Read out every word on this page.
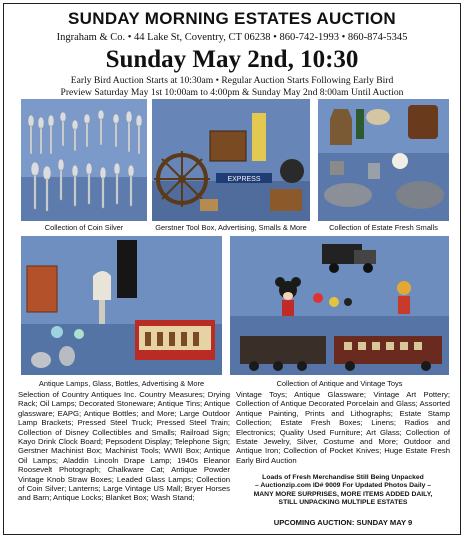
SUNDAY MORNING ESTATES AUCTION
Ingraham & Co. • 44 Lake St, Coventry, CT 06238 • 860-742-1993 • 860-874-5345
Sunday May 2nd, 10:30
Early Bird Auction Starts at 10:30am • Regular Auction Starts Following Early Bird
Preview Saturday May 1st 10:00am to 4:00pm & Sunday May 2nd 8:00am Until Auction
Collection of Coin Silver
EXPRESS
Gerstner Tool Box, Advertising, Smalls & More	Collection of Estate Fresh Smalls
Antique Lamps, Glass, Bottles, Advertising & More	Collection of Antique and Vintage Toys
Selection of Country Antiques Inc. Country Measures; Drying Rack; Oil Lamps; Decorated Stoneware; Antique Tins; Antique glassware; EAPG; Antique Bottles; and More; Large Outdoor Lamp Brackets; Pressed Steel Truck; Pressed Steel Train; Collection of Disney Collectibles and Smalls; Railroad Sign; Kayo Drink Clock Board; Pepsodent Display; Telephone Sign; Gerstner Machinist Box; Machinist Tools; WWII Box; Antique Oil Lamps; Aladdin Lincoln Drape Lamp; 1940s Eleanor Roosevelt Photograph; Chalkware Cat; Antique Powder Vintage Knob Straw Boxes; Leaded Glass Lamps; Collection of Coin Silver; Lanterns; Large Vintage US Mall; Bryer Horses and Barn; Antique Locks; Blanket Box; Wash Stand;
Vintage Toys; Antique Glassware; Vintage Art Pottery; Collection of Antique Decorated Porcelain and Glass; Assorted Antique Painting, Prints and Lithographs; Estate Stamp Collection; Estate Fresh Boxes; Linens; Radios and Electronics; Quality Used Furniture; Art Glass; Collection of Estate Jewelry, Silver, Costume and More; Outdoor and Antique Iron; Collection of Pocket Knives; Huge Estate Fresh Early Bird Auction
Loads of Fresh Merchandise Still Being Unpacked
– Auctionzip.com ID# 9009 For Updated Photos Daily –
MANY MORE SURPRISES, MORE ITEMS ADDED DAILY,
STILL UNPACKING MULTIPLE ESTATES
UPCOMING AUCTION: SUNDAY MAY 9
